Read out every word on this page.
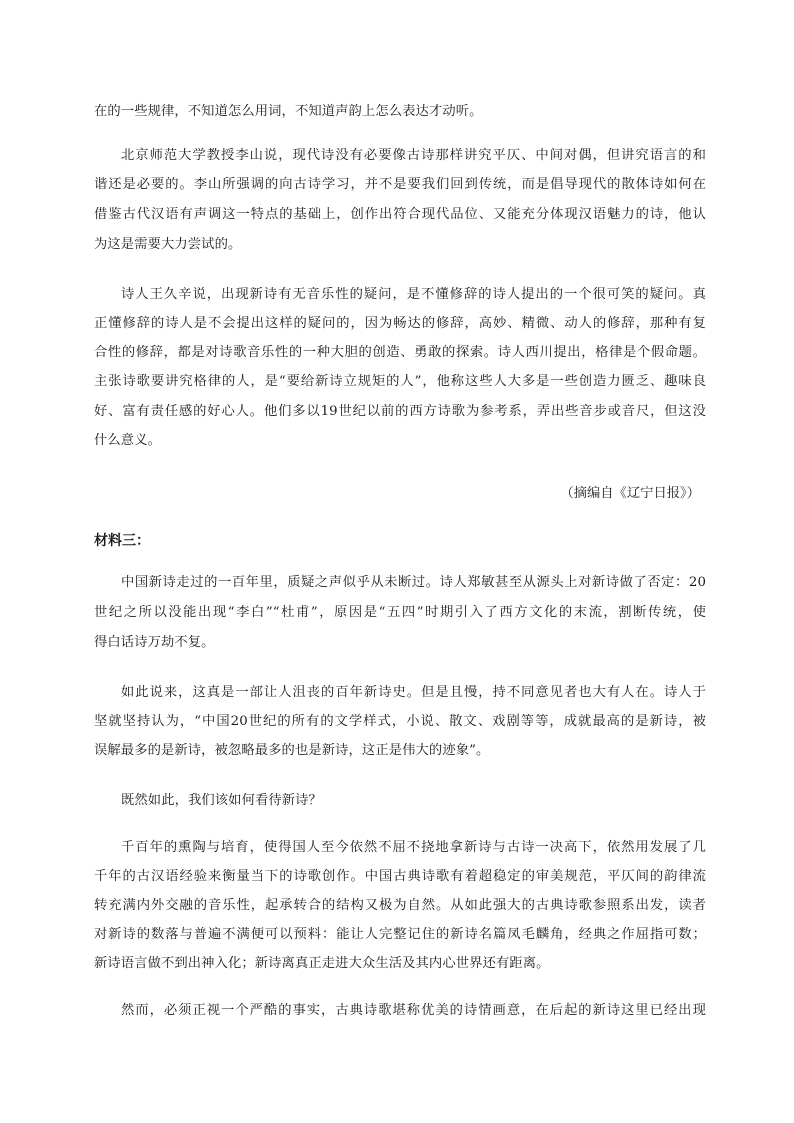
在的一些规律，不知道怎么用词，不知道声韵上怎么表达才动听。
北京师范大学教授李山说，现代诗没有必要像古诗那样讲究平仄、中间对偶，但讲究语言的和
谐还是必要的。李山所强调的向古诗学习，并不是要我们回到传统，而是倡导现代的散体诗如何在
借鉴古代汉语有声调这一特点的基础上，创作出符合现代品位、又能充分体现汉语魅力的诗，他认
为这是需要大力尝试的。
诗人王久辛说，出现新诗有无音乐性的疑问，是不懂修辞的诗人提出的一个很可笑的疑问。真
正懂修辞的诗人是不会提出这样的疑问的，因为畅达的修辞，高妙、精微、动人的修辞，那种有复
合性的修辞，都是对诗歌音乐性的一种大胆的创造、勇敢的探索。诗人西川提出，格律是个假命题。
主张诗歌要讲究格律的人，是“要给新诗立规矩的人”，他称这些人大多是一些创造力匮乏、趣味良
好、富有责任感的好心人。他们多以19世纪以前的西方诗歌为参考系，弄出些音步或音尺，但这没
什么意义。
（摘编自《辽宁日报》）
材料三：
中国新诗走过的一百年里，质疑之声似乎从未断过。诗人郑敏甚至从源头上对新诗做了否定：20
世纪之所以没能出现“李白”“杜甫”，原因是“五四”时期引入了西方文化的末流，割断传统，使
得白话诗万劫不复。
如此说来，这真是一部让人沮丧的百年新诗史。但是且慢，持不同意见者也大有人在。诗人于
坚就坚持认为，“中国20世纪的所有的文学样式，小说、散文、戏剧等等，成就最高的是新诗，被
误解最多的是新诗，被忽略最多的也是新诗，这正是伟大的迹象”。
既然如此，我们该如何看待新诗？
千百年的熏陶与培育，使得国人至今依然不屈不挠地拿新诗与古诗一决高下，依然用发展了几
千年的古汉语经验来衡量当下的诗歌创作。中国古典诗歌有着超稳定的审美规范，平仄间的韵律流
转充满内外交融的音乐性，起承转合的结构又极为自然。从如此强大的古典诗歌参照系出发，读者
对新诗的数落与普遍不满便可以预料：能让人完整记住的新诗名篇凤毛麟角，经典之作屈指可数；
新诗语言做不到出神入化；新诗离真正走进大众生活及其内心世界还有距离。
然而，必须正视一个严酷的事实，古典诗歌堪称优美的诗情画意，在后起的新诗这里已经出现
